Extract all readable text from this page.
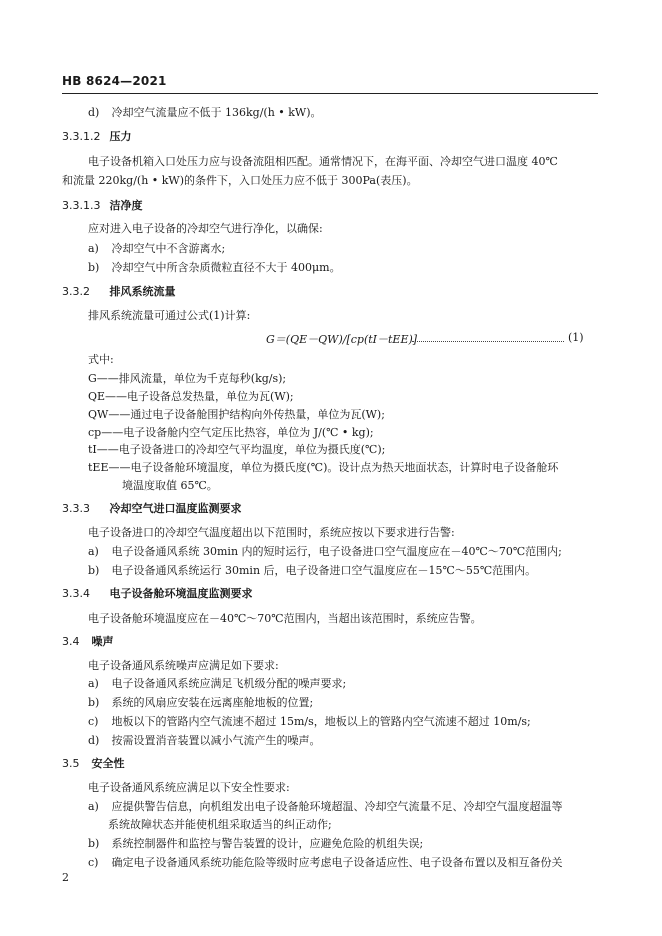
HB 8624—2021
d) 冷却空气流量应不低于 136kg/(h • kW)。
3.3.1.2 压力
电子设备机箱入口处压力应与设备流阻相匹配。通常情况下，在海平面、冷却空气进口温度 40℃
和流量 220kg/(h • kW)的条件下，入口处压力应不低于 300Pa(表压)。
3.3.1.3 洁净度
应对进入电子设备的冷却空气进行净化，以确保:
a) 冷却空气中不含游离水;
b) 冷却空气中所含杂质微粒直径不大于 400μm。
3.3.2 排风系统流量
排风系统流量可通过公式(1)计算:
G＝(QE－QW)/[cp(tI－tEE)]	(1)
式中:
G——排风流量，单位为千克每秒(kg/s);
QE——电子设备总发热量，单位为瓦(W);
QW——通过电子设备舱围护结构向外传热量，单位为瓦(W);
cp——电子设备舱内空气定压比热容，单位为 J/(℃ • kg);
tI——电子设备进口的冷却空气平均温度，单位为摄氏度(℃);
tEE——电子设备舱环境温度，单位为摄氏度(℃)。设计点为热天地面状态，计算时电子设备舱环
境温度取值 65℃。
3.3.3 冷却空气进口温度监测要求
电子设备进口的冷却空气温度超出以下范围时，系统应按以下要求进行告警:
a) 电子设备通风系统 30min 内的短时运行，电子设备进口空气温度应在－40℃～70℃范围内;
b) 电子设备通风系统运行 30min 后，电子设备进口空气温度应在－15℃～55℃范围内。
3.3.4 电子设备舱环境温度监测要求
电子设备舱环境温度应在－40℃～70℃范围内，当超出该范围时，系统应告警。
3.4 噪声
电子设备通风系统噪声应满足如下要求:
a) 电子设备通风系统应满足飞机级分配的噪声要求;
b) 系统的风扇应安装在远离座舱地板的位置;
c) 地板以下的管路内空气流速不超过 15m/s，地板以上的管路内空气流速不超过 10m/s;
d) 按需设置消音装置以减小气流产生的噪声。
3.5 安全性
电子设备通风系统应满足以下安全性要求:
a) 应提供警告信息，向机组发出电子设备舱环境超温、冷却空气流量不足、冷却空气温度超温等
系统故障状态并能使机组采取适当的纠正动作;
b) 系统控制器件和监控与警告装置的设计，应避免危险的机组失误;
c) 确定电子设备通风系统功能危险等级时应考虑电子设备适应性、电子设备布置以及相互备份关
2
